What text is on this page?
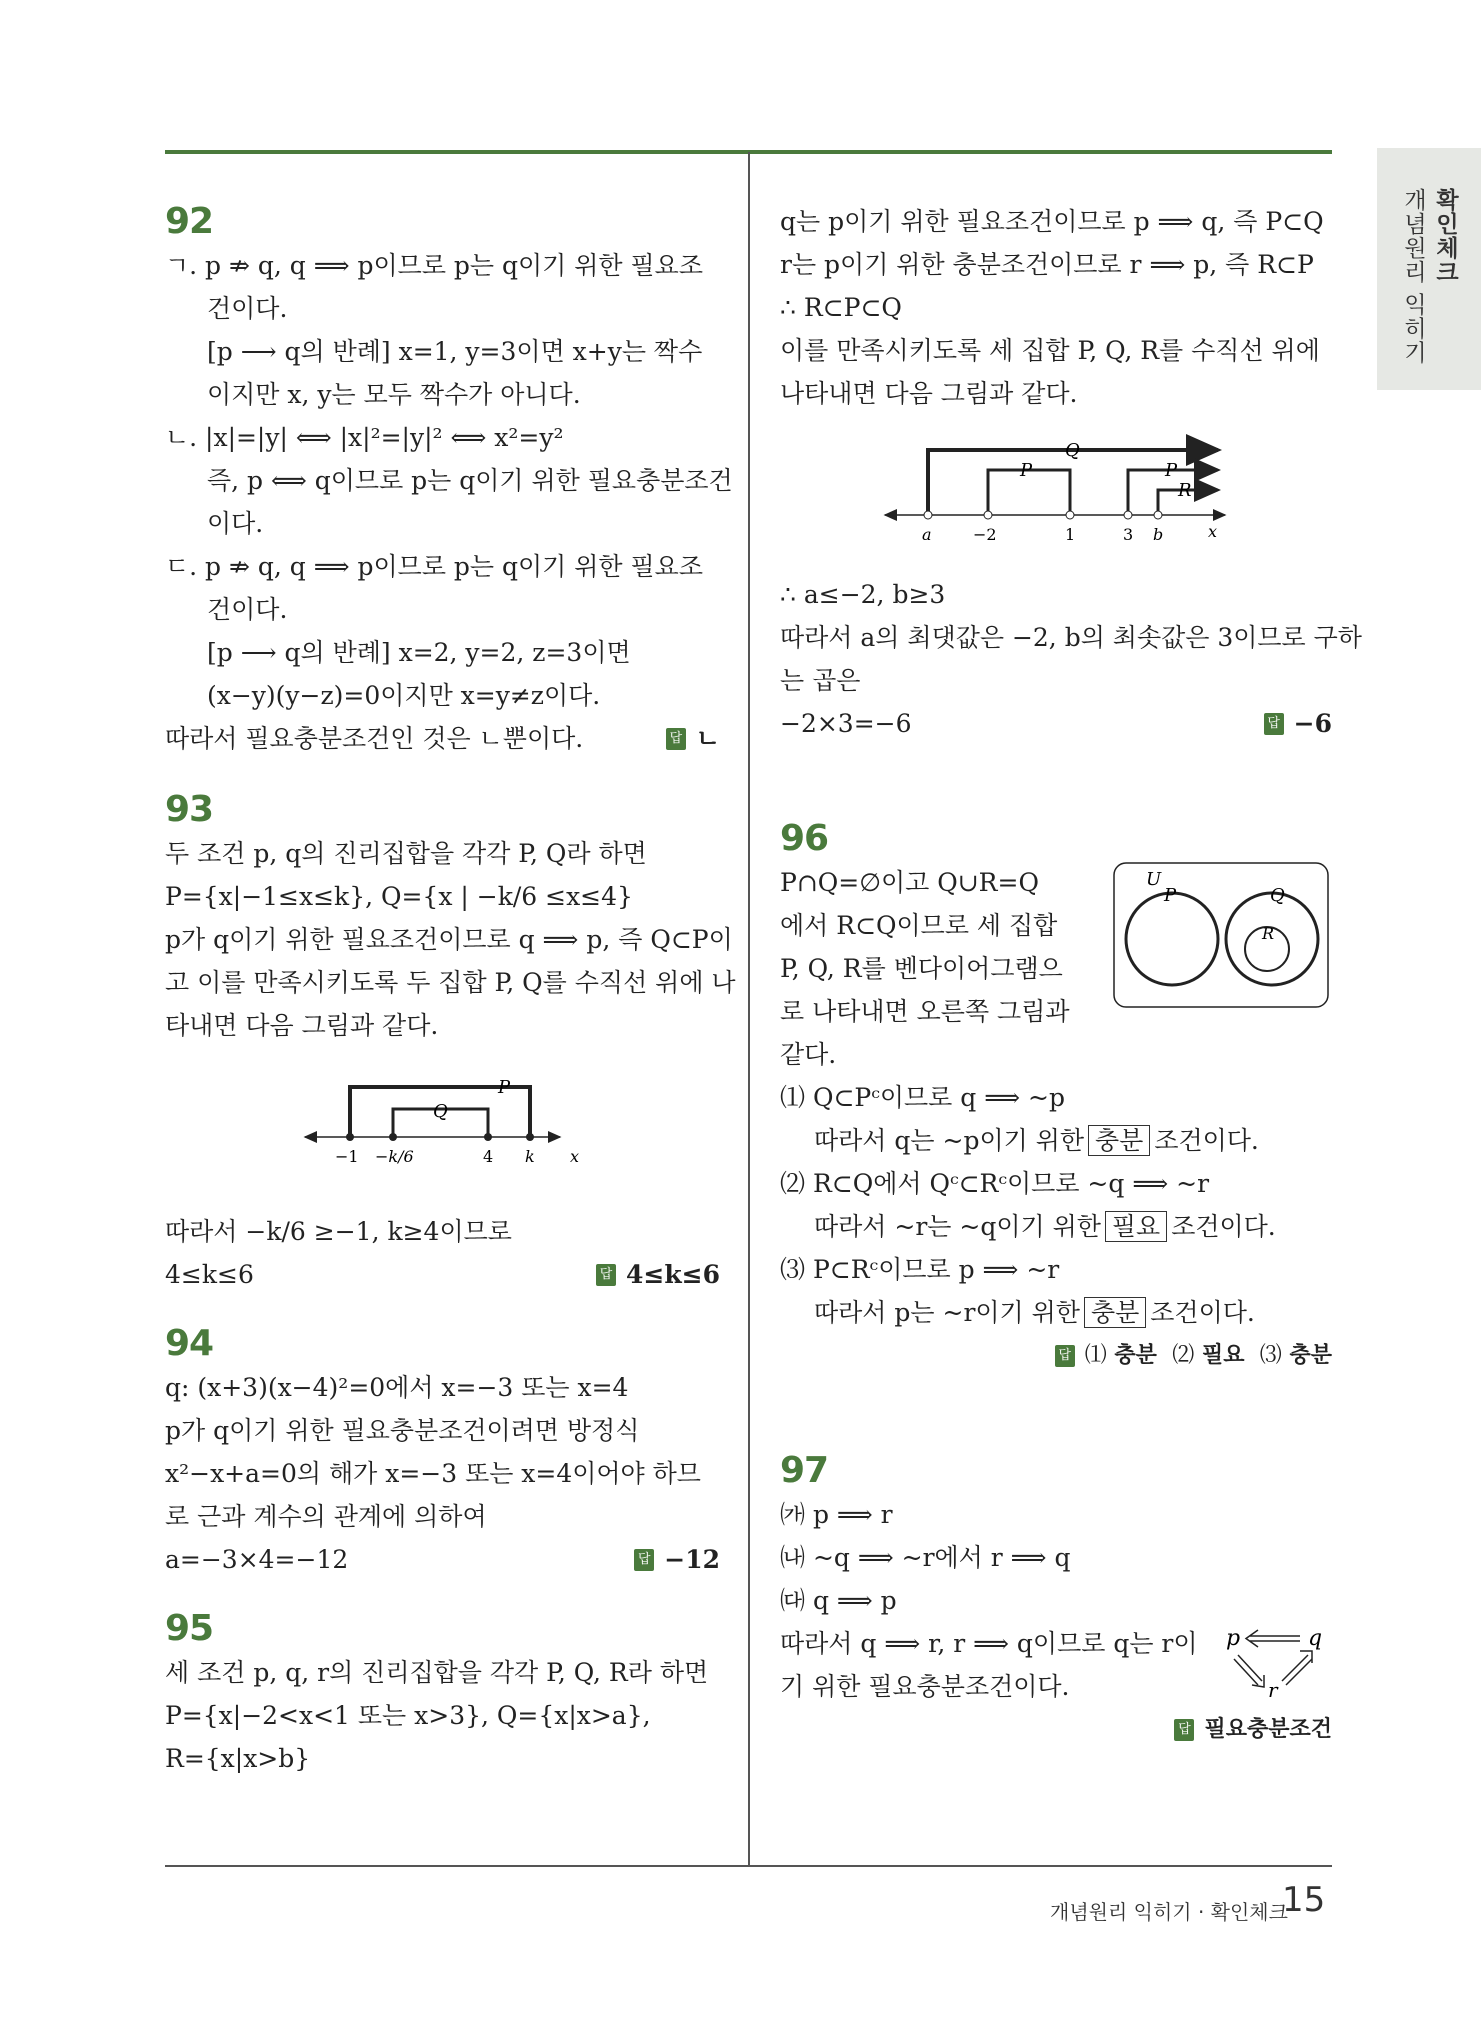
확인체크
개념원리 익히기

92

ㄱ. p ⇏ q, q ⟹ p이므로 p는 q이기 위한 필요조

건이다.

[p ⟶ q의 반례] x=1, y=3이면 x+y는 짝수

이지만 x, y는 모두 짝수가 아니다.

ㄴ. |x|=|y| ⟺ |x|²=|y|² ⟺ x²=y²

즉, p ⟺ q이므로 p는 q이기 위한 필요충분조건

이다.

ㄷ. p ⇏ q, q ⟹ p이므로 p는 q이기 위한 필요조

건이다.

[p ⟶ q의 반례] x=2, y=2, z=3이면

(x−y)(y−z)=0이지만 x=y≠z이다.

따라서 필요충분조건인 것은 ㄴ뿐이다.	답 ㄴ

93

두 조건 p, q의 진리집합을 각각 P, Q라 하면

P={x|−1≤x≤k}, Q={x | −k/6 ≤x≤4}

p가 q이기 위한 필요조건이므로 q ⟹ p, 즉 Q⊂P이

고 이를 만족시키도록 두 집합 P, Q를 수직선 위에 나

타내면 다음 그림과 같다.

P
Q
−1 −k/6	4 k x

따라서 −k/6 ≥−1, k≥4이므로

4≤k≤6	답 4≤k≤6

94

q: (x+3)(x−4)²=0에서 x=−3 또는 x=4

p가 q이기 위한 필요충분조건이려면 방정식

x²−x+a=0의 해가 x=−3 또는 x=4이어야 하므

로 근과 계수의 관계에 의하여

a=−3×4=−12	답 −12

95

세 조건 p, q, r의 진리집합을 각각 P, Q, R라 하면

P={x|−2<x<1 또는 x>3}, Q={x|x>a},

R={x|x>b}

q는 p이기 위한 필요조건이므로 p ⟹ q, 즉 P⊂Q

r는 p이기 위한 충분조건이므로 r ⟹ p, 즉 R⊂P

∴ R⊂P⊂Q

이를 만족시키도록 세 집합 P, Q, R를 수직선 위에

나타내면 다음 그림과 같다.

Q
P	P
R
a	−2	1	3 b	x

∴ a≤−2, b≥3

따라서 a의 최댓값은 −2, b의 최솟값은 3이므로 구하

는 곱은

−2×3=−6	답 −6

96

P∩Q=∅이고 Q∪R=Q

에서 R⊂Q이므로 세 집합

P, Q, R를 벤다이어그램으

로 나타내면 오른쪽 그림과

같다.

U
P	Q
R

⑴ Q⊂Pᶜ이므로 q ⟹ ~p

따라서 q는 ~p이기 위한 충분 조건이다.

⑵ R⊂Q에서 Qᶜ⊂Rᶜ이므로 ~q ⟹ ~r

따라서 ~r는 ~q이기 위한 필요 조건이다.

⑶ P⊂Rᶜ이므로 p ⟹ ~r

따라서 p는 ~r이기 위한 충분 조건이다.

답 ⑴
충분
⑵
필요
⑶
충분

97

㈎ p ⟹ r

㈏ ~q ⟹ ~r에서 r ⟹ q

㈐ q ⟹ p

따라서 q ⟹ r, r ⟹ q이므로 q는 r이

기 위한 필요충분조건이다.

p	q
r

답 필요충분조건

개념원리 익히기 · 확인체크
15
